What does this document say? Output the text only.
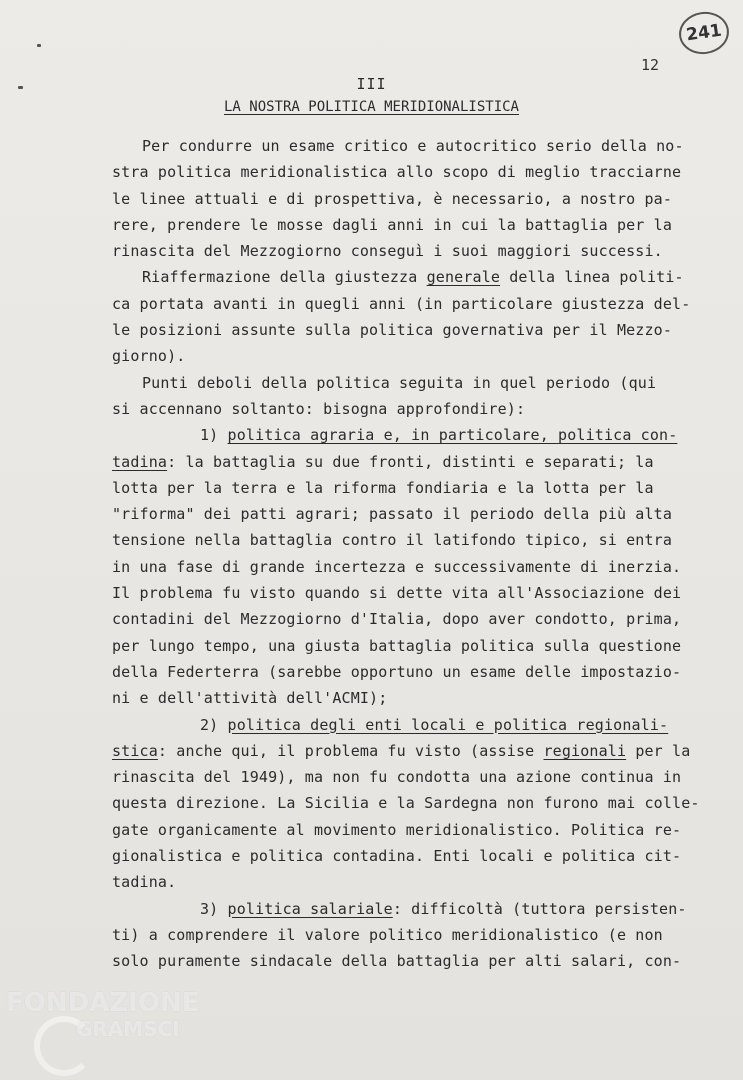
241
12
III
LA NOSTRA POLITICA MERIDIONALISTICA
Per condurre un esame critico e autocritico serio della no-
stra politica meridionalistica allo scopo di meglio tracciarne
le linee attuali e di prospettiva, è necessario, a nostro pa-
rere, prendere le mosse dagli anni in cui la battaglia per la
rinascita del Mezzogiorno conseguì i suoi maggiori successi.
Riaffermazione della giustezza generale della linea politi-
ca portata avanti in quegli anni (in particolare giustezza del-
le posizioni assunte sulla politica governativa per il Mezzo-
giorno).
Punti deboli della politica seguita in quel periodo (qui
si accennano soltanto: bisogna approfondire):
1) politica agraria e, in particolare, politica con-
tadina: la battaglia su due fronti, distinti e separati; la
lotta per la terra e la riforma fondiaria e la lotta per la
"riforma" dei patti agrari; passato il periodo della più alta
tensione nella battaglia contro il latifondo tipico, si entra
in una fase di grande incertezza e successivamente di inerzia.
Il problema fu visto quando si dette vita all'Associazione dei
contadini del Mezzogiorno d'Italia, dopo aver condotto, prima,
per lungo tempo, una giusta battaglia politica sulla questione
della Federterra (sarebbe opportuno un esame delle impostazio-
ni e dell'attività dell'ACMI);
2) politica degli enti locali e politica regionali-
stica: anche qui, il problema fu visto (assise regionali per la
rinascita del 1949), ma non fu condotta una azione continua in
questa direzione. La Sicilia e la Sardegna non furono mai colle-
gate organicamente al movimento meridionalistico. Politica re-
gionalistica e politica contadina. Enti locali e politica cit-
tadina.
3) politica salariale: difficoltà (tuttora persisten-
ti) a comprendere il valore politico meridionalistico (e non
solo puramente sindacale della battaglia per alti salari, con-
FONDAZIONE
GRAMSCI
